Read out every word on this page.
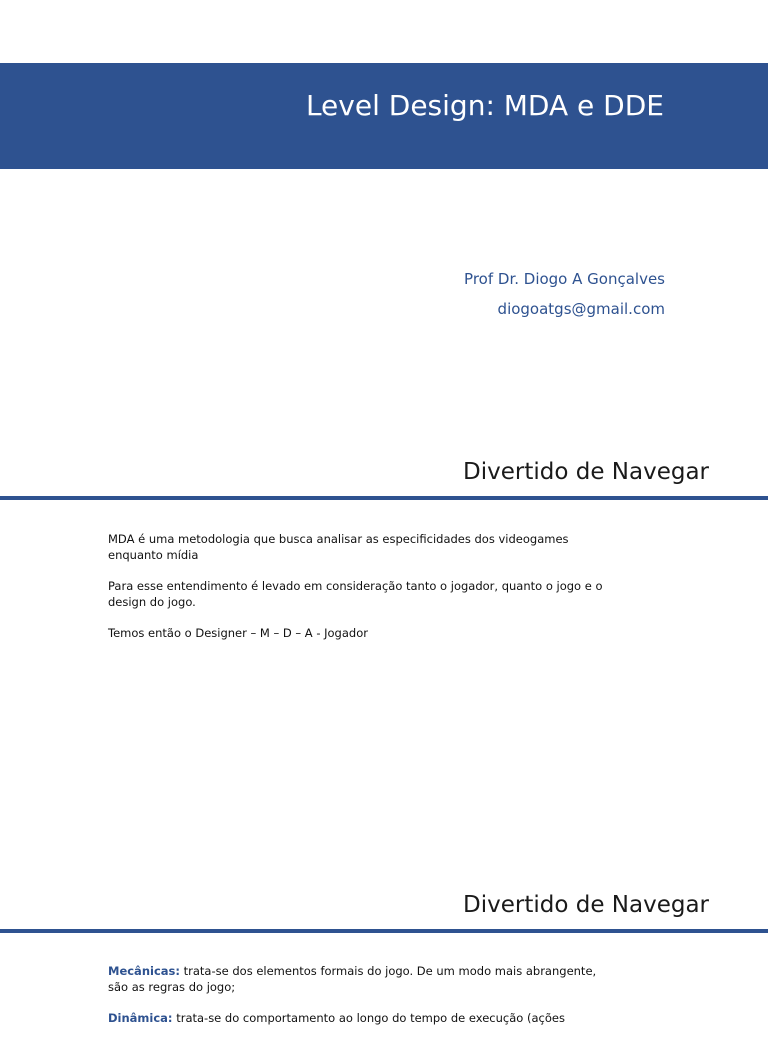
Level Design: MDA e DDE
Prof Dr. Diogo A Gonçalves
diogoatgs@gmail.com
Divertido de Navegar

MDA é uma metodologia que busca analisar as especificidades dos videogames enquanto mídia

Para esse entendimento é levado em consideração tanto o jogador, quanto o jogo e o design do jogo.

Temos então o Designer – M – D – A - Jogador

Divertido de Navegar

Mecânicas: trata-se dos elementos formais do jogo. De um modo mais abrangente, são as regras do jogo;

Dinâmica: trata-se do comportamento ao longo do tempo de execução (ações
